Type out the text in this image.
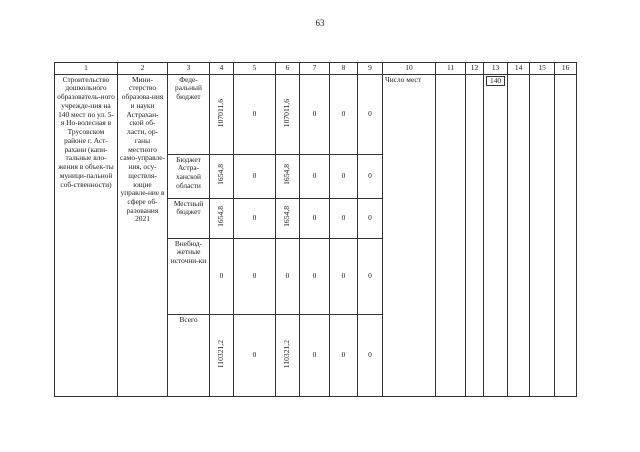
63
1	2	3	4	5	6	7	8	9	10	11	12	13	14	15	16
Строительство дошкольного образователь-ного учрежде-ния на 140 мест по ул. 5-я Но-волесная в Трусовском районе г. Аст-рахани (капи-тальные вло-жения в объек-ты муници-пальной соб-ственности)	Мини-стерство образова-ния и науки Астрахан-ской об-ласти, ор-ганы местного само-управле-ния, осу-ществля-ющие управле-ние в сфере об-разования 2021	Феде-ральный бюджет	107011,6	0	107011,6	0	0	0	Число мест			140			
		Бюджет Астра-ханской области	1654,8	0	1654,8	0	0	0							
		Местный бюджет	1654,8	0	1654,8	0	0	0							
		Внебюд-жетные источни-ки	0	0	0	0	0	0							
		Всего	110321,2	0	110321,2	0	0	0							
